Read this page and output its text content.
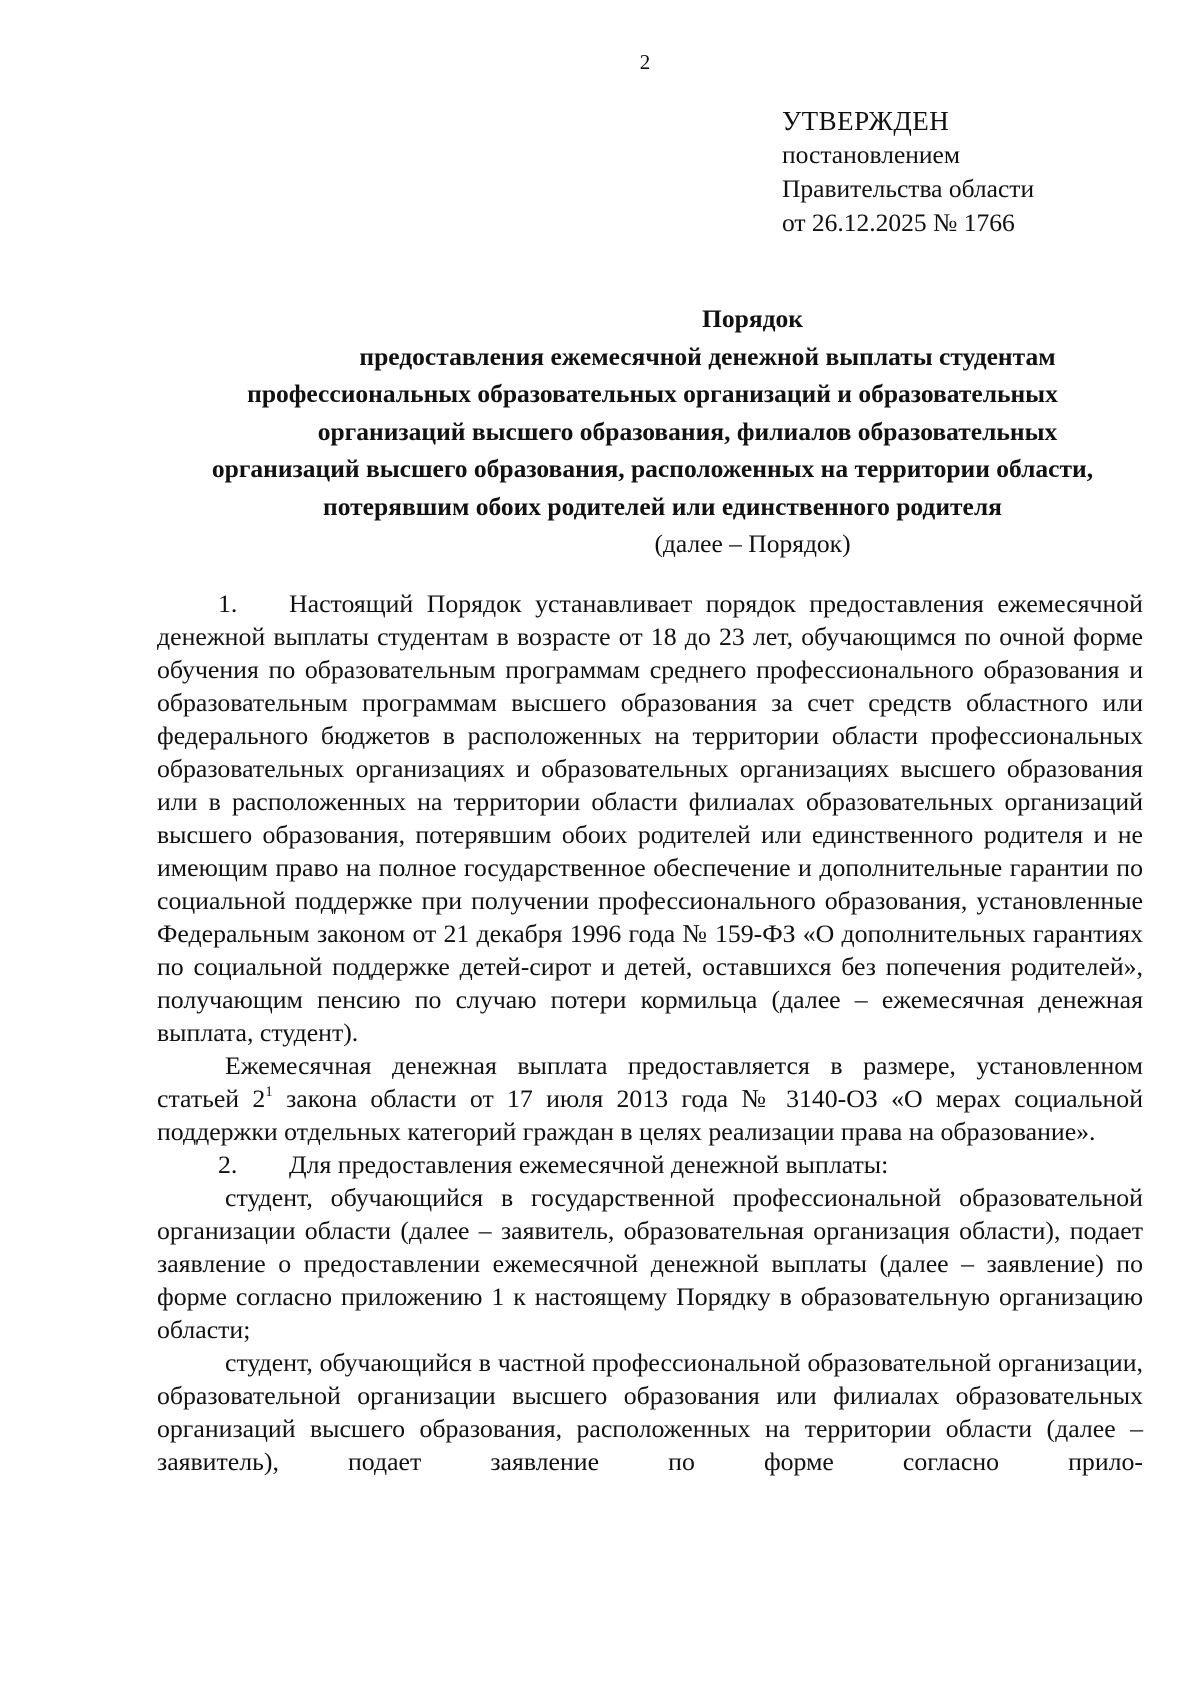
2
УТВЕРЖДЕН
постановлением
Правительства области
от 26.12.2025 № 1766
Порядок
предоставления ежемесячной денежной выплаты студентам
профессиональных образовательных организаций и образовательных
организаций высшего образования, филиалов образовательных
организаций высшего образования, расположенных на территории области,
потерявшим обоих родителей или единственного родителя
(далее – Порядок)

1. Настоящий Порядок устанавливает порядок предоставления ежемесячной денежной выплаты студентам в возрасте от 18 до 23 лет, обучающимся по очной форме обучения по образовательным программам среднего профессионального образования и образовательным программам высшего образования за счет средств областного или федерального бюджетов в расположенных на территории области профессиональных образовательных организациях и образовательных организациях высшего образования или в расположенных на территории области филиалах образовательных организаций высшего образования, потерявшим обоих родителей или единственного родителя и не имеющим право на полное государственное обеспечение и дополнительные гарантии по социальной поддержке при получении профессионального образования, установленные Федеральным законом от 21 декабря 1996 года № 159-ФЗ «О дополнительных гарантиях по социальной поддержке детей-сирот и детей, оставшихся без попечения родителей», получающим пенсию по случаю потери кормильца (далее – ежемесячная денежная выплата, студент).

Ежемесячная денежная выплата предоставляется в размере, установленном статьей $2^1$ закона области от 17 июля 2013 года № 3140-ОЗ «О мерах социальной поддержки отдельных категорий граждан в целях реализации права на образование».

2. Для предоставления ежемесячной денежной выплаты:

студент, обучающийся в государственной профессиональной образовательной организации области (далее – заявитель, образовательная организация области), подает заявление о предоставлении ежемесячной денежной выплаты (далее – заявление) по форме согласно приложению 1 к настоящему Порядку в образовательную организацию области;

студент, обучающийся в частной профессиональной образовательной организации, образовательной организации высшего образования или филиалах образовательных организаций высшего образования, расположенных на территории области (далее – заявитель), подает заявление по форме согласно прило-
